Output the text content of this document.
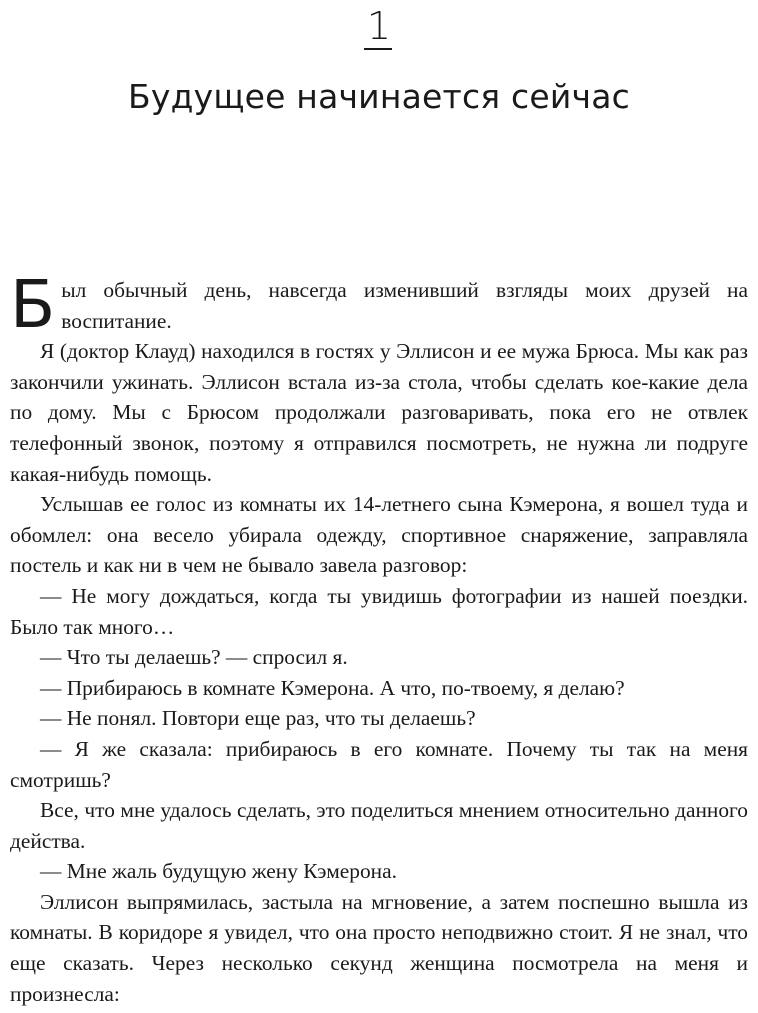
1
Будущее начинается сейчас

Был обычный день, навсегда изменивший взгляды моих друзей на воспитание.

Я (доктор Клауд) находился в гостях у Эллисон и ее мужа Брюса. Мы как раз закончили ужинать. Эллисон встала из-за стола, чтобы сделать кое-какие дела по дому. Мы с Брюсом продолжали разговаривать, пока его не отвлек телефонный звонок, поэтому я отправился посмотреть, не нужна ли подруге какая-нибудь помощь.

Услышав ее голос из комнаты их 14-летнего сына Кэмерона, я вошел туда и обомлел: она весело убирала одежду, спортивное снаряжение, заправляла постель и как ни в чем не бывало завела разговор:

— Не могу дождаться, когда ты увидишь фотографии из нашей поездки. Было так много…

— Что ты делаешь? — спросил я.

— Прибираюсь в комнате Кэмерона. А что, по-твоему, я делаю?

— Не понял. Повтори еще раз, что ты делаешь?

— Я же сказала: прибираюсь в его комнате. Почему ты так на меня смотришь?

Все, что мне удалось сделать, это поделиться мнением относительно данного действа.

— Мне жаль будущую жену Кэмерона.

Эллисон выпрямилась, застыла на мгновение, а затем поспешно вышла из комнаты. В коридоре я увидел, что она просто неподвижно стоит. Я не знал, что еще сказать. Через несколько секунд женщина посмотрела на меня и произнесла:
